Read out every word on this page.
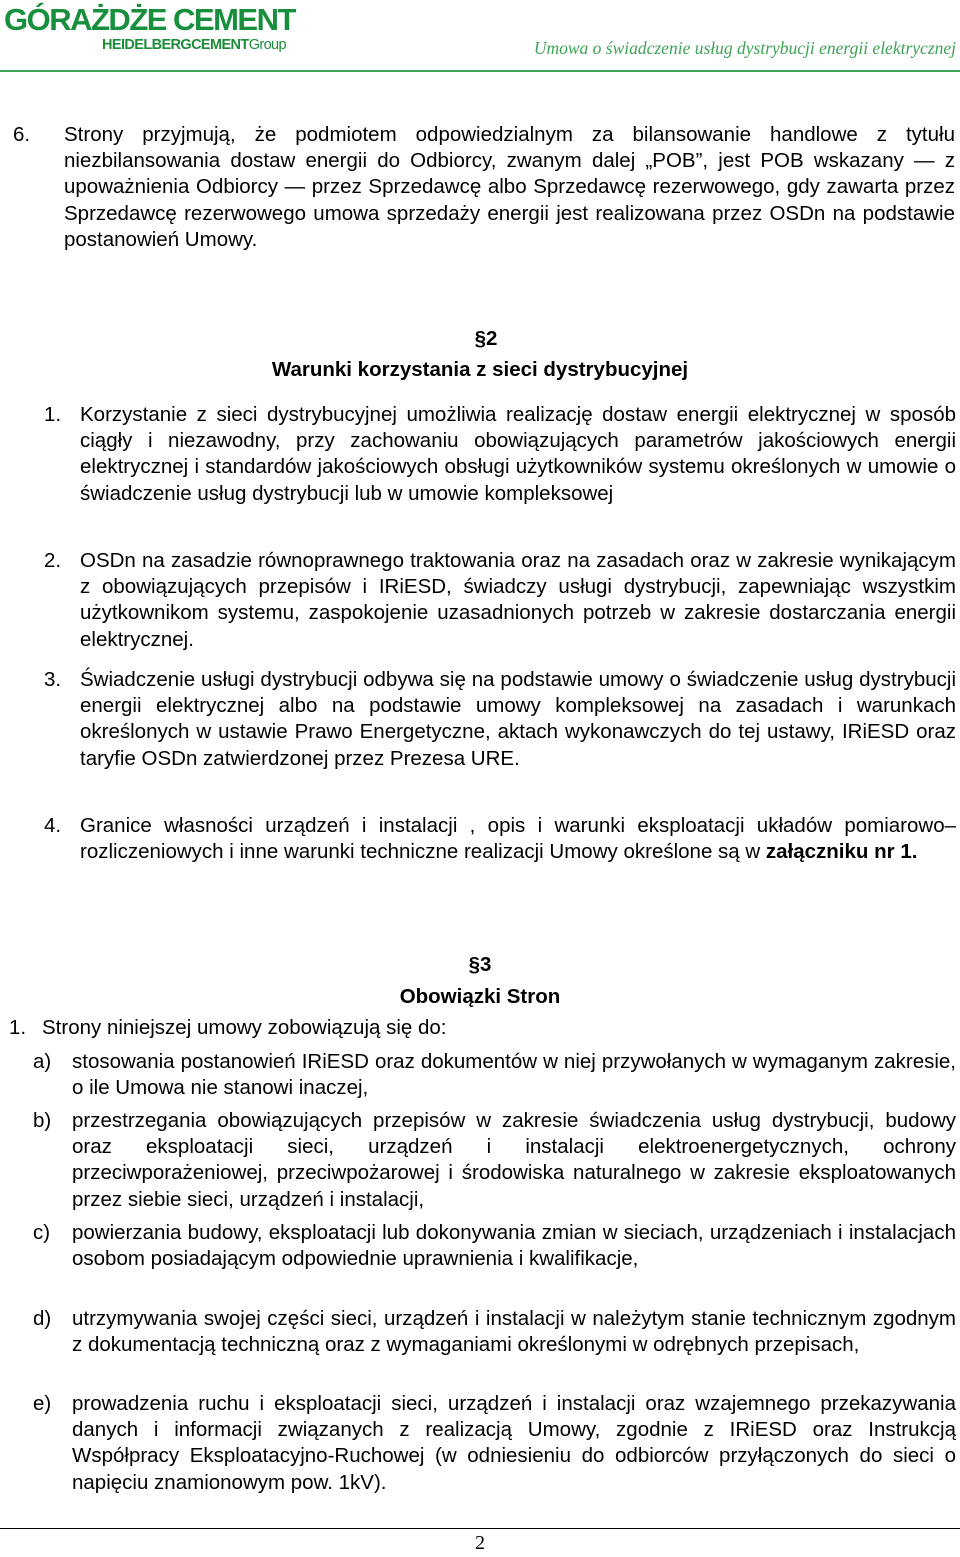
GÓRAŻDŻE CEMENT
HEIDELBERGCEMENTGroup	Umowa o świadczenie usług dystrybucji energii elektrycznej
6. Strony przyjmują, że podmiotem odpowiedzialnym za bilansowanie handlowe z tytułu niezbilansowania dostaw energii do Odbiorcy, zwanym dalej „POB”, jest POB wskazany — z upoważnienia Odbiorcy — przez Sprzedawcę albo Sprzedawcę rezerwowego, gdy zawarta przez Sprzedawcę rezerwowego umowa sprzedaży energii jest realizowana przez OSDn na podstawie postanowień Umowy.

§2
Warunki korzystania z sieci dystrybucyjnej
1. Korzystanie z sieci dystrybucyjnej umożliwia realizację dostaw energii elektrycznej w sposób ciągły i niezawodny, przy zachowaniu obowiązujących parametrów jakościowych energii elektrycznej i standardów jakościowych obsługi użytkowników systemu określonych w umowie o świadczenie usług dystrybucji lub w umowie kompleksowej

2. OSDn na zasadzie równoprawnego traktowania oraz na zasadach oraz w zakresie wynikającym z obowiązujących przepisów i IRiESD, świadczy usługi dystrybucji, zapewniając wszystkim użytkownikom systemu, zaspokojenie uzasadnionych potrzeb w zakresie dostarczania energii elektrycznej.

3. Świadczenie usługi dystrybucji odbywa się na podstawie umowy o świadczenie usług dystrybucji energii elektrycznej albo na podstawie umowy kompleksowej na zasadach i warunkach określonych w ustawie Prawo Energetyczne, aktach wykonawczych do tej ustawy, IRiESD oraz taryfie OSDn zatwierdzonej przez Prezesa URE.

4. Granice własności urządzeń i instalacji , opis i warunki eksploatacji układów pomiarowo–rozliczeniowych i inne warunki techniczne realizacji Umowy określone są w załączniku nr 1.

§3
Obowiązki Stron
1. Strony niniejszej umowy zobowiązują się do:
a) stosowania postanowień IRiESD oraz dokumentów w niej przywołanych w wymaganym zakresie, o ile Umowa nie stanowi inaczej,

b) przestrzegania obowiązujących przepisów w zakresie świadczenia usług dystrybucji, budowy oraz eksploatacji sieci, urządzeń i instalacji elektroenergetycznych, ochrony przeciwporażeniowej, przeciwpożarowej i środowiska naturalnego w zakresie eksploatowanych przez siebie sieci, urządzeń i instalacji,

c) powierzania budowy, eksploatacji lub dokonywania zmian w sieciach, urządzeniach i instalacjach osobom posiadającym odpowiednie uprawnienia i kwalifikacje,

d) utrzymywania swojej części sieci, urządzeń i instalacji w należytym stanie technicznym zgodnym z dokumentacją techniczną oraz z wymaganiami określonymi w odrębnych przepisach,

e) prowadzenia ruchu i eksploatacji sieci, urządzeń i instalacji oraz wzajemnego przekazywania danych i informacji związanych z realizacją Umowy, zgodnie z IRiESD oraz Instrukcją Współpracy Eksploatacyjno-Ruchowej (w odniesieniu do odbiorców przyłączonych do sieci o napięciu znamionowym pow. 1kV).

2
